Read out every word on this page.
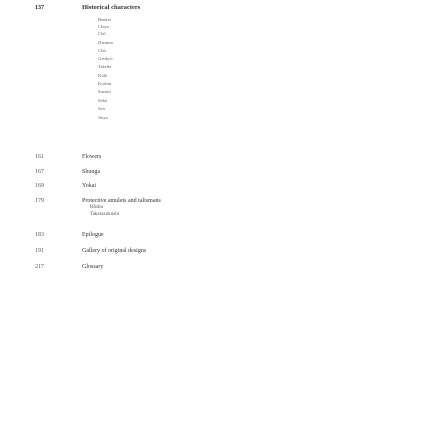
137	Historical characters
Benkei
Chiyo
Chō
Daruma
Chū
Genkyō
Takeda
Kidō
Koshin
Suzuki
Sōkō
Sen
Jinya
161	Flowers
167	Shunga
169	Yokai
179	Protective amulets and talismans
Hōshu
Takarazukushi
183	Epilogue
191	Gallery of original designs
217	Glossary
